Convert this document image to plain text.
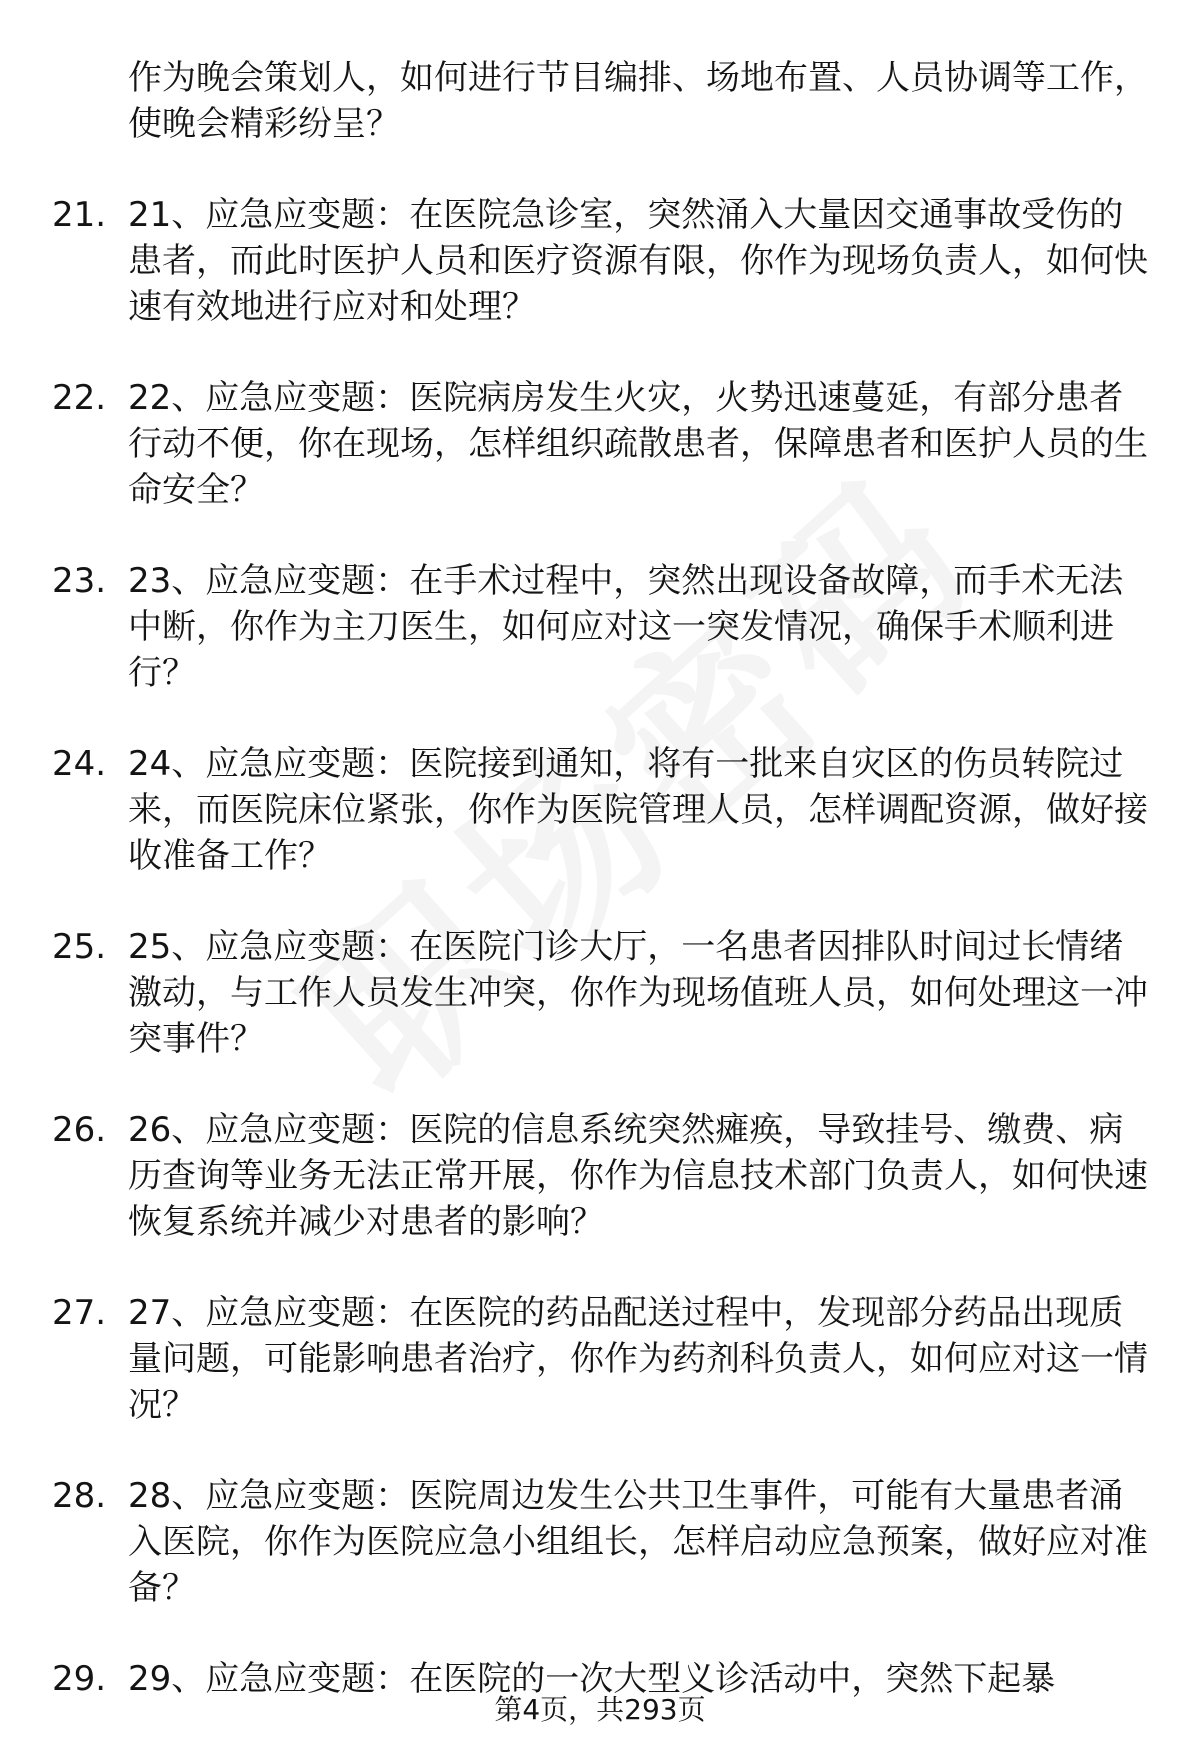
作为晚会策划人，如何进行节目编排、场地布置、人员协调等工作，使晚会精彩纷呈？
21. 21、应急应变题：在医院急诊室，突然涌入大量因交通事故受伤的患者，而此时医护人员和医疗资源有限，你作为现场负责人，如何快速有效地进行应对和处理？
22. 22、应急应变题：医院病房发生火灾，火势迅速蔓延，有部分患者行动不便，你在现场，怎样组织疏散患者，保障患者和医护人员的生命安全？
23. 23、应急应变题：在手术过程中，突然出现设备故障，而手术无法中断，你作为主刀医生，如何应对这一突发情况，确保手术顺利进行？
24. 24、应急应变题：医院接到通知，将有一批来自灾区的伤员转院过来，而医院床位紧张，你作为医院管理人员，怎样调配资源，做好接收准备工作？
25. 25、应急应变题：在医院门诊大厅，一名患者因排队时间过长情绪激动，与工作人员发生冲突，你作为现场值班人员，如何处理这一冲突事件？
26. 26、应急应变题：医院的信息系统突然瘫痪，导致挂号、缴费、病历查询等业务无法正常开展，你作为信息技术部门负责人，如何快速恢复系统并减少对患者的影响？
27. 27、应急应变题：在医院的药品配送过程中，发现部分药品出现质量问题，可能影响患者治疗，你作为药剂科负责人，如何应对这一情况？
28. 28、应急应变题：医院周边发生公共卫生事件，可能有大量患者涌入医院，你作为医院应急小组组长，怎样启动应急预案，做好应对准备？
29. 29、应急应变题：在医院的一次大型义诊活动中，突然下起暴
第4页，共293页
